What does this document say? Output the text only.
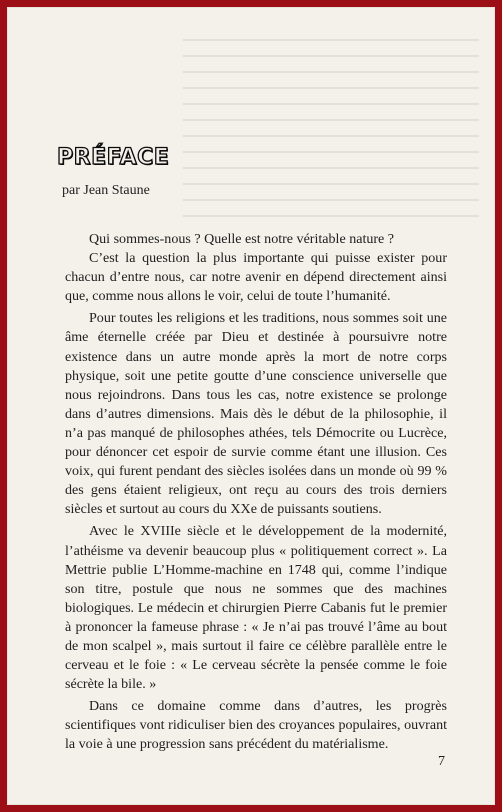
PRÉFACE
par Jean Staune

Qui sommes-nous ? Quelle est notre véritable nature ?

C’est la question la plus importante qui puisse exister pour chacun d’entre nous, car notre avenir en dépend directement ainsi que, comme nous allons le voir, celui de toute l’humanité.

Pour toutes les religions et les traditions, nous sommes soit une âme éternelle créée par Dieu et destinée à poursuivre notre existence dans un autre monde après la mort de notre corps physique, soit une petite goutte d’une conscience universelle que nous rejoindrons. Dans tous les cas, notre existence se prolonge dans d’autres dimensions. Mais dès le début de la philosophie, il n’a pas manqué de philosophes athées, tels Démocrite ou Lucrèce, pour dénoncer cet espoir de survie comme étant une illusion. Ces voix, qui furent pendant des siècles isolées dans un monde où 99 % des gens étaient religieux, ont reçu au cours des trois derniers siècles et surtout au cours du XXe de puissants soutiens.

Avec le XVIIIe siècle et le développement de la modernité, l’athéisme va devenir beaucoup plus « politiquement correct ». La Mettrie publie L’Homme-machine en 1748 qui, comme l’indique son titre, postule que nous ne sommes que des machines biologiques. Le médecin et chirurgien Pierre Cabanis fut le premier à prononcer la fameuse phrase : « Je n’ai pas trouvé l’âme au bout de mon scalpel », mais surtout il faire ce célèbre parallèle entre le cerveau et le foie : « Le cerveau sécrète la pensée comme le foie sécrète la bile. »

Dans ce domaine comme dans d’autres, les progrès scientifiques vont ridiculiser bien des croyances populaires, ouvrant la voie à une progression sans précédent du matérialisme.

7
